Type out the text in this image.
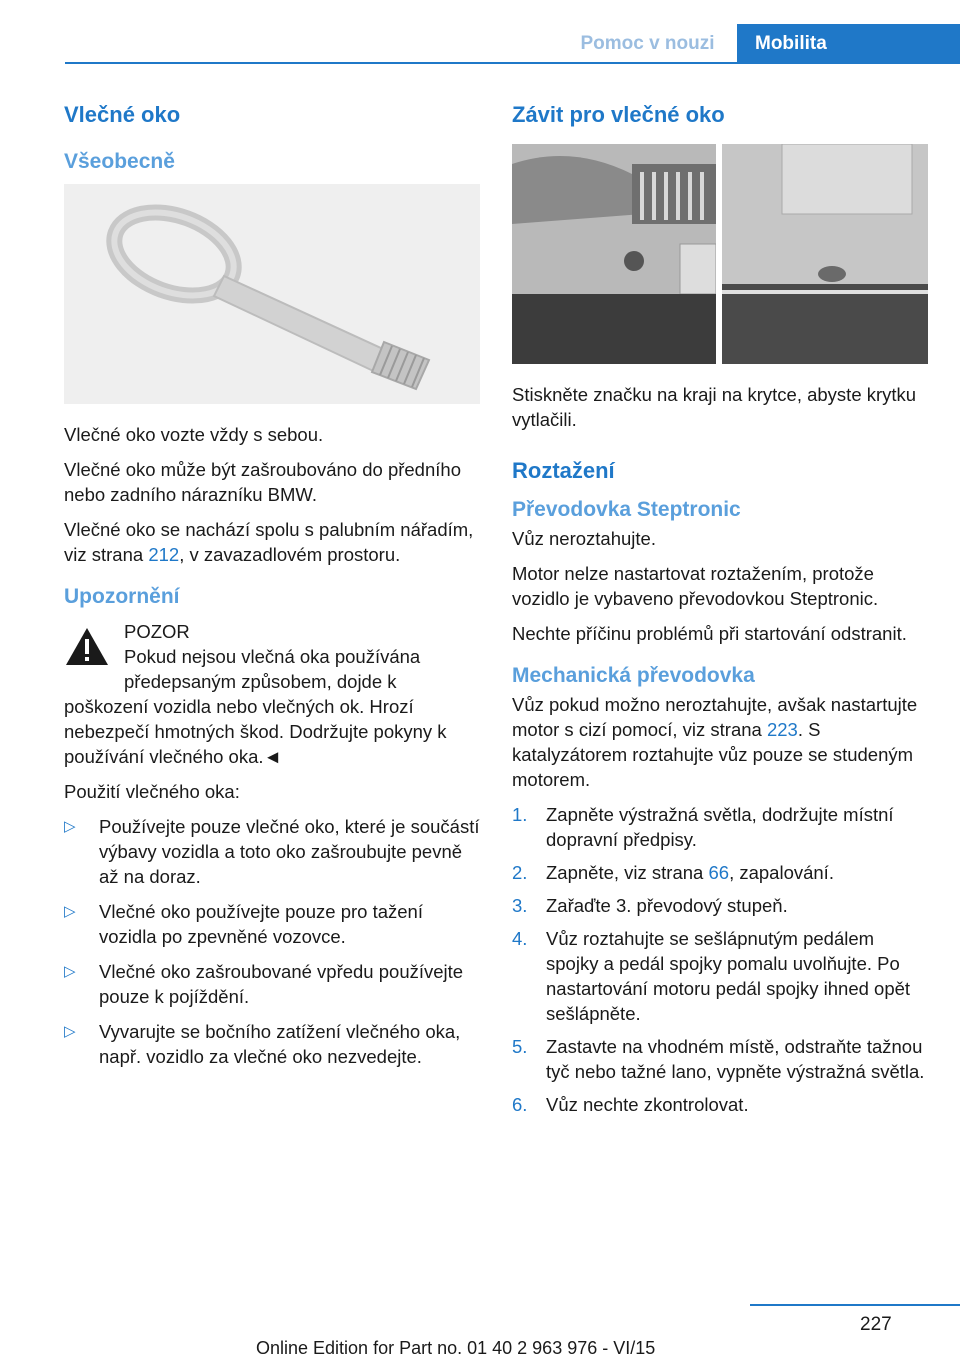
Pomoc v nouzi	Mobilita
Vlečné oko
Všeobecně

Vlečné oko vozte vždy s sebou.

Vlečné oko může být zašroubováno do předního nebo zadního nárazníku BMW.

Vlečné oko se nachází spolu s palubním nářadím, viz strana 212, v zavazadlovém prostoru.

Upozornění

POZOR

Pokud nejsou vlečná oka používána předepsaným způsobem, dojde k poškození vozidla nebo vlečných ok. Hrozí nebezpečí hmotných škod. Dodržujte pokyny k používání vlečného oka.◄

Použití vlečného oka:

▷ Používejte pouze vlečné oko, které je součástí výbavy vozidla a toto oko zašroubujte pevně až na doraz.
▷ Vlečné oko používejte pouze pro tažení vozidla po zpevněné vozovce.
▷ Vlečné oko zašroubované vpředu používejte pouze k pojíždění.
▷ Vyvarujte se bočního zatížení vlečného oka, např. vozidlo za vlečné oko nezvedejte.
Závit pro vlečné oko

Stiskněte značku na kraji na krytce, abyste krytku vytlačili.

Roztažení
Převodovka Steptronic

Vůz neroztahujte.

Motor nelze nastartovat roztažením, protože vozidlo je vybaveno převodovkou Steptronic.

Nechte příčinu problémů při startování odstranit.

Mechanická převodovka

Vůz pokud možno neroztahujte, avšak nastartujte motor s cizí pomocí, viz strana 223. S katalyzátorem roztahujte vůz pouze se studeným motorem.

1. Zapněte výstražná světla, dodržujte místní dopravní předpisy.
2. Zapněte, viz strana 66, zapalování.
3. Zařaďte 3. převodový stupeň.
4. Vůz roztahujte se sešlápnutým pedálem spojky a pedál spojky pomalu uvolňujte. Po nastartování motoru pedál spojky ihned opět sešlápněte.
5. Zastavte na vhodném místě, odstraňte tažnou tyč nebo tažné lano, vypněte výstražná světla.
6. Vůz nechte zkontrolovat.
227
Online Edition for Part no. 01 40 2 963 976 - VI/15
